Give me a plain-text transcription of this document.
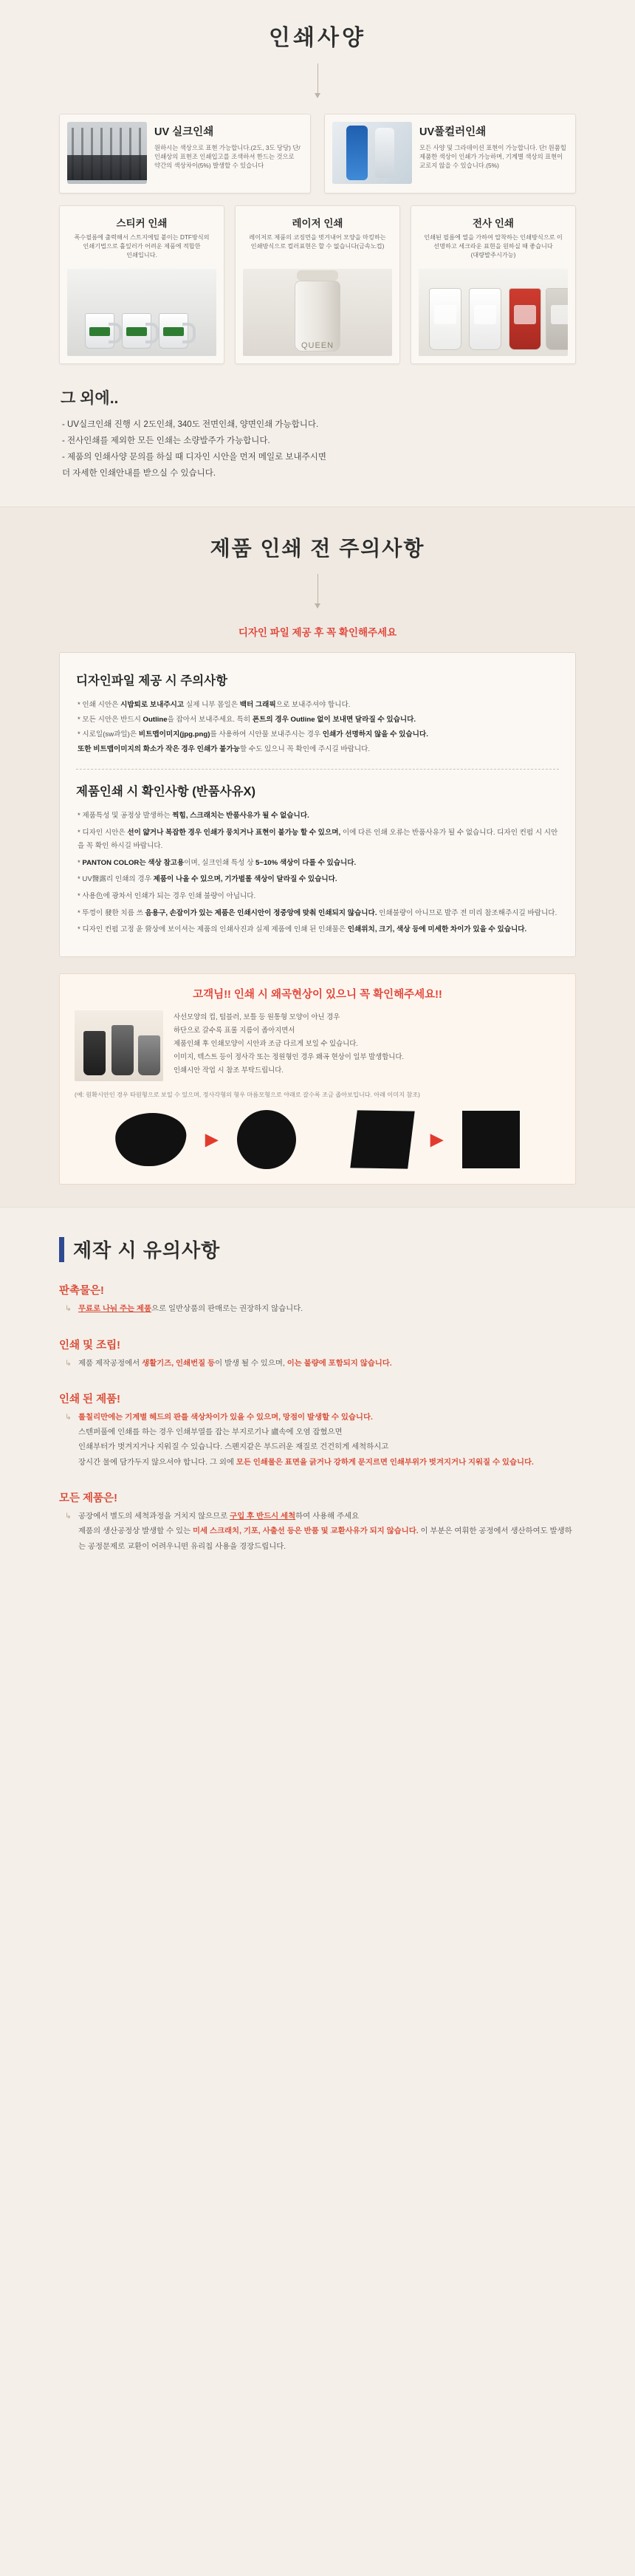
인쇄사양
UV 실크인쇄
원하시는 색상으로 표현 가능합니다.(2도, 3도 당당) 단/인쇄상의 표현조 인쇄입고를 조색하셔 한드는 것으로 약간의 색상차이(5%) 발생할 수 있습니다
UV풀컬러인쇄
모든 사양 및 그라데이션 표현이 가능합니다. 단! 원품힐 제품한 색상이 인쇄가 가능하며, 기계별 색상의 표현이 교로지 않을 수 있습니다.(5%)
스티커 인쇄
폭수필름에 출력해서 스트지에털 붙이는 DTF방식의 인쇄기법으로 휼잎러가 어려운 제품에 적합한 인쇄입니다.
레이저 인쇄
레이저로 제품의 코징면을 벗겨내어 모양을 마킹하는 인쇄방식으로 컬러표현은 할 수 없습니다(금속노컵)
QUEEN
전사 인쇄
인쇄된 필름에 열을 가하여 압착하는 인쇄방식으로 이 선명하고 세크라운 표현을 원하실 때 좋습니다(대량발주시가능)
그 외에..
- UV실크인쇄 진행 시 2도인쇄, 340도 전면인쇄, 양면인쇄 가능합니다.
- 전사인쇄를 제외한 모든 인쇄는 소량발주가 가능합니다.
- 제품의 인쇄사양 문의를 하실 때 디자인 시안을 먼저 메일로 보내주시면
더 자세한 인쇄안내를 받으실 수 있습니다.
제품 인쇄 전 주의사항
디자인 파일 제공 후 꼭 확인해주세요
디자인파일 제공 시 주의사항
* 인쇄 시안은 시밥퇴로 보내주시고 실제 니부 몸일은 백터 그래픽으로 보내주셔야 합니다.
* 모든 시안은 반드시 Outline을 잡아서 보내주세요. 특히 폰트의 경우 Outline 없이 보내면 달라질 수 있습니다.
* 시로일(sw과일)은 비트맵이미지(jpg.png)를 사용하여 시안물 보내주시는 경우 인쇄가 선명하지 않을 수 있습니다.
또한 비트맵이미지의 화소가 작은 경우 인쇄가 불가능할 수도 있으니 꼭 확인에 주시길 바랍니다.
제품인쇄 시 확인사항 (반품사유X)
* 제품특성 및 공정상 발생하는 찍힘, 스크래치는 반품사유가 될 수 없습니다.
* 디자인 시안은 선이 얇거나 복잡한 경우 인쇄가 뭉치거나 표현이 불가능 할 수 있으며, 이에 다른 인쇄 오류는 반품사유가 될 수 없습니다. 디자인 컨펌 시 시안을 꼭 확인 하시길 바랍니다.
* PANTON COLOR는 색상 참고용이며, 실크인쇄 특성 상 5~10% 색상이 다를 수 있습니다.
* UV醫露리 인쇄의 경우 제품이 나올 수 있으며, 기가벌롤 색상이 달라질 수 있습니다.
* 사용色에 광차서 인쇄가 되는 경우 인쇄 불량이 아닙니다.
* 뚜껑이 發한 치름 쓰 음용구, 손잡이가 있는 제품은 인쇄시안이 정중앙에 맞춰 인쇄되지 않습니다. 인쇄불량이 아니므로 발주 전 미리 참조해주시길 바랍니다.
* 디자인 컨펌 고정 윤 營상에 보이셔는 제품의 인쇄사진과 실제 제품에 인쇄 된 인쇄물은 인쇄위치, 크기, 색상 등에 미세한 차이가 있을 수 있습니다.
고객님!! 인쇄 시 왜곡현상이 있으니 꼭 확인해주세요!!
사선모양의 컵, 텀블러, 보틀 등 원통형 모양이 아닌 경우
하단으로 갈수록 표롤 지름이 좁아지면서
제품인쇄 후 인쇄모양이 시안과 조금 다르게 보일 수 있습니다.
이미지, 텍스트 등이 정사각 또는 정원형인 경우 왜곡 현상이 일부 발생합니다.
인쇄시안 작업 시 참조 부탁드립니다.
(예: 원확시안인 경우 타원형으로 보일 수 있으며, 정사각형의 형우 마름모형으로 야래로 갈수록 조금 좁아보입니다. 아래 이미지 참조)
▶	▶
제작 시 유의사항
판촉물은!
↳ 무료로 나눠 주는 제품으로 일반상품의 판매로는 권장하지 않습니다.
인쇄 및 조립!
↳ 제품 제작공정에서 생활기즈, 인쇄번질 등이 발생 될 수 있으며, 이는 불량에 포함되지 않습니다.
인쇄 된 제품!
↳ 롤칠리만에는 기계별 헤드의 판를 색상차이가 있을 수 있으며, 망점이 발생할 수 있습니다.
스텐퍼풀에 인쇄를 하는 경우 인쇄부열를 잡는 부지로기나 盧속에 오염 잡혔으면
인쇄부터가 벗겨지거나 지워질 수 있습니다. 스펜지같은 부드러운 재질로 건건히게 세척하시고
장시간 물에 담가두지 않으셔야 합니다. 그 외에 모든 인쇄물은 표면을 긁거나 강하게 문지르면 인쇄부위가 벗겨지거나 지워질 수 있습니다.
모든 제품은!
↳ 공장에서 별도의 세척과정을 거치지 않으므로 구입 후 반드시 세척하여 사용해 주세요
제품의 생산공정상 발생할 수 있는 미세 스크래치, 기포, 사출선 등은 반품 및 교환사유가 되지 않습니다. 이 부분은 여휘한 공정에서 생산하여도 발생하는 공정문제로 교환이 어려우니떤 유리칩 사용을 경장드립니다.
